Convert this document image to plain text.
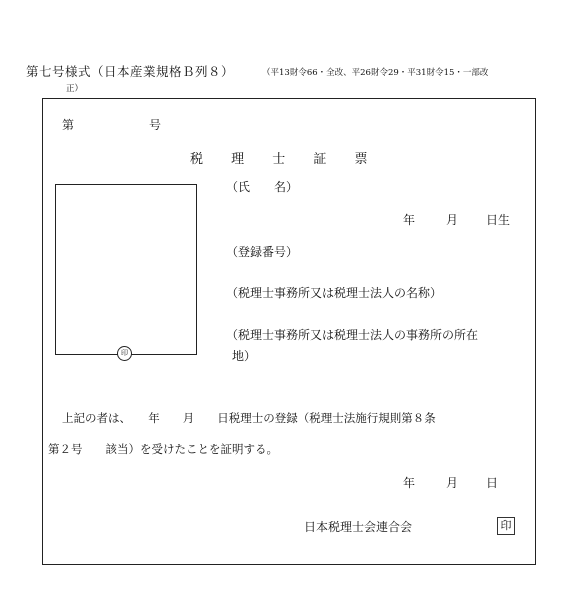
第七号様式（日本産業規格Ｂ列８）	（平13財令66・全改、平26財令29・平31財令15・一部改
正）
第	号
税 理 士 証 票
印
（氏　　名）
年	月 日生
（登録番号）
（税理士事務所又は税理士法人の名称）
（税理士事務所又は税理士法人の事務所の所在
地）
上記の者は、　　年　　月　　日税理士の登録（税理士法施行規則第８条
第２号　　該当）を受けたことを証明する。
年	月 日
日本税理士会連合会	印
